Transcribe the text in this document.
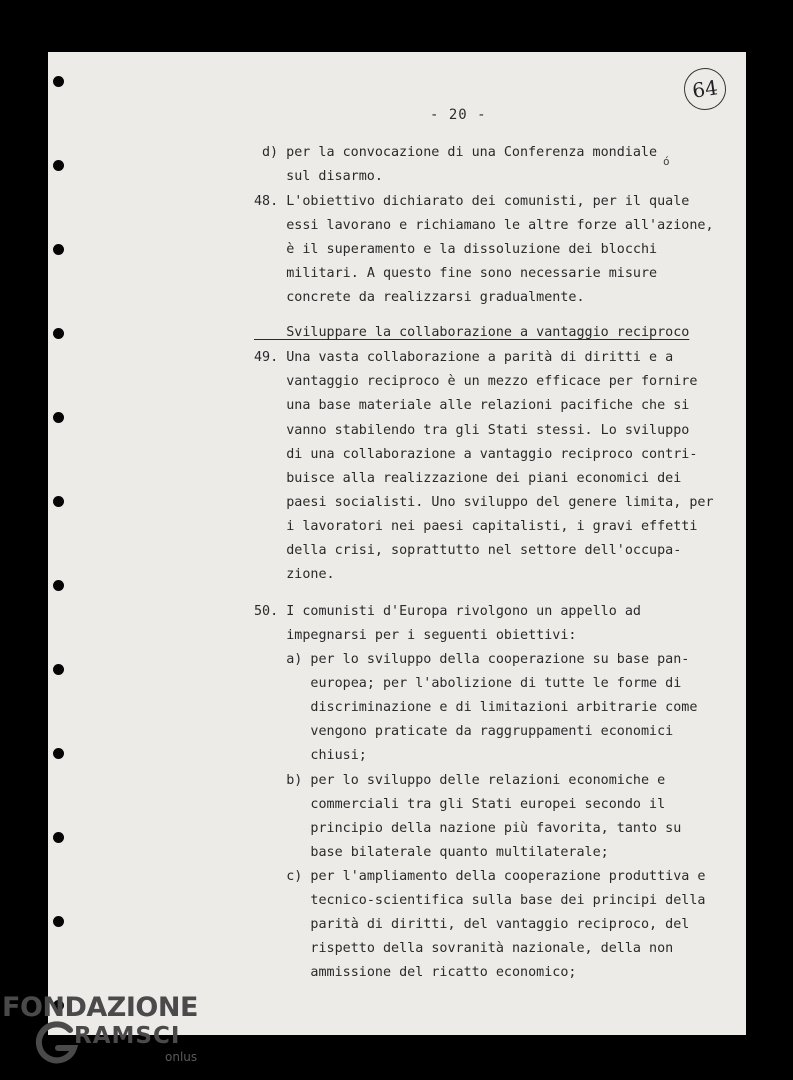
- 20 -
64
ó
d) per la convocazione di una Conferenza mondiale
sul disarmo.
48. L'obiettivo dichiarato dei comunisti, per il quale
essi lavorano e richiamano le altre forze all'azione,
è il superamento e la dissoluzione dei blocchi
militari. A questo fine sono necessarie misure
concrete da realizzarsi gradualmente.
Sviluppare la collaborazione a vantaggio reciproco
49. Una vasta collaborazione a parità di diritti e a
vantaggio reciproco è un mezzo efficace per fornire
una base materiale alle relazioni pacifiche che si
vanno stabilendo tra gli Stati stessi. Lo sviluppo
di una collaborazione a vantaggio reciproco contri-
buisce alla realizzazione dei piani economici dei
paesi socialisti. Uno sviluppo del genere limita, per
i lavoratori nei paesi capitalisti, i gravi effetti
della crisi, soprattutto nel settore dell'occupa-
zione.
50. I comunisti d'Europa rivolgono un appello ad
impegnarsi per i seguenti obiettivi:
a) per lo sviluppo della cooperazione su base pan-
europea; per l'abolizione di tutte le forme di
discriminazione e di limitazioni arbitrarie come
vengono praticate da raggruppamenti economici
chiusi;
b) per lo sviluppo delle relazioni economiche e
commerciali tra gli Stati europei secondo il
principio della nazione più favorita, tanto su
base bilaterale quanto multilaterale;
c) per l'ampliamento della cooperazione produttiva e
tecnico-scientifica sulla base dei principi della
parità di diritti, del vantaggio reciproco, del
rispetto della sovranità nazionale, della non
ammissione del ricatto economico;
FONDAZIONE
RAMSCI
onlus
